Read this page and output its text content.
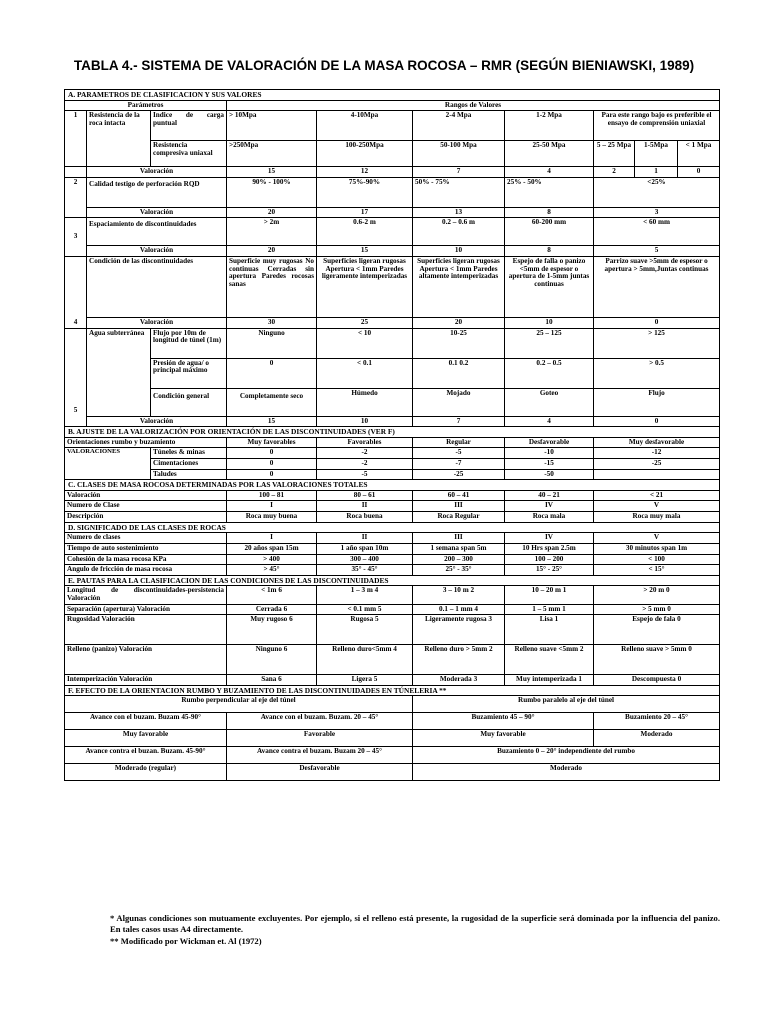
TABLA 4.- SISTEMA DE VALORACIÓN DE LA MASA ROCOSA – RMR (SEGÚN BIENIAWSKI, 1989)
A. PARAMETROS DE CLASIFICACION Y SUS VALORES									
Parámetros			Rangos de Valores						
1	Resistencia de la roca intacta	Indice de carga puntual	> 10Mpa	4-10Mpa	2-4 Mpa	1-2 Mpa	Para este rango bajo es preferible el ensayo de comprensión uniaxial		
		Resistencia compresiva uniaxal	>250Mpa	100-250Mpa	50-100 Mpa	25-50 Mpa	5 – 25 Mpa	1-5Mpa	< 1 Mpa
	Valoración		15	12	7	4	2	1	0
2	Calidad testigo de perforación RQD		90% - 100%	75%-90%	50% - 75%	25% - 50%	<25%		
	Valoración		20	17	13	8	3		
3	Espaciamiento de discontinuidades		> 2m	0.6-2 m	0.2 – 0.6 m	60-200 mm	< 60 mm		
	Valoración		20	15	10	8	5		
4	Condición de las discontinuidades		Superficie muy rugosas No continuas Cerradas sin apertura Paredes rocosas sanas	Superficies ligeran rugosas Apertura < 1mm Paredes ligeramente intemperizadas	Superficies ligeran rugosas Apertura < 1mm Paredes altamente intemperizadas	Espejo de falla o panizo <5mm de espesor o apertura de 1-5mm juntas continuas	Parrizo suave >5mm de espesor o apertura > 5mm,Juntas continuas		
	Valoración		30	25	20	10	0		
5	Agua subterránea	Flujo por 10m de longitud de túnel (1m)	Ninguno	< 10	10-25	25 – 125	> 125		
		Presión de agua/ o principal máximo	0	< 0.1	0.1 0.2	0.2 – 0.5	> 0.5		
		Condición general	Completamente seco	Húmedo	Mojado	Goteo	Flujo		
	Valoración		15	10	7	4	0		
B. AJUSTE DE LA VALORIZACIÓN POR ORIENTACIÓN DE LAS DISCONTINUIDADES (VER F)									
Orientaciones rumbo y buzamiento			Muy favorables	Favorables	Regular	Desfavorable	Muy desfavorable		
VALORACIONES		Túneles & minas	0	-2	-5	-10	-12		
		Cimentaciones	0	-2	-7	-15	-25		
		Taludes	0	-5	-25	-50			
C. CLASES DE MASA ROCOSA DETERMINADAS POR LAS VALORACIONES TOTALES									
Valoración			100 – 81	80 – 61	60 – 41	40 – 21	< 21		
Numero de Clase			I	II	III	IV	V		
Descripción			Roca muy buena	Roca buena	Roca Regular	Roca mala	Roca muy mala		
D. SIGNIFICADO DE LAS CLASES DE ROCAS									
Numero de clases			I	II	III	IV	V		
Tiempo de auto sostenimiento			20 años span 15m	1 año span 10m	1 semana span 5m	10 Hrs span 2.5m	30 minutos span 1m		
Cohesión de la masa rocosa KPa			> 400	300 – 400	200 – 300	100 – 200	< 100		
Angulo de fricción de masa rocosa			> 45°	35° - 45°	25° - 35°	15° - 25°	< 15°		
E. PAUTAS PARA LA CLASIFICACION DE LAS CONDICIONES DE LAS DISCONTINUIDADES									
Longitud de discontinuidades-persistencia Valoración			< 1m 6	1 – 3 m 4	3 – 10 m 2	10 – 20 m 1	> 20 m 0		
Separación (apertura) Valoración			Cerrada 6	< 0.1 mm 5	0.1 – 1 mm 4	1 – 5 mm 1	> 5 mm 0		
Rugosidad Valoración			Muy rugoso 6	Rugosa 5	Ligeramente rugosa 3	Lisa 1	Espejo de fala 0		
Relleno (panizo) Valoración			Ninguno 6	Relleno duro<5mm 4	Relleno duro > 5mm 2	Relleno suave <5mm 2	Relleno suave > 5mm 0		
Intemperización Valoración			Sana 6	Ligera 5	Moderada 3	Muy intemperizada 1	Descompuesta 0		
F. EFECTO DE LA ORIENTACION RUMBO Y BUZAMIENTO DE LAS DISCONTINUIDADES EN TÚNELERIA **									
Rumbo perpendicular al eje del túnel					Rumbo paralelo al eje del túnel				
Avance con el buzam. Buzam 45-90°			Avance con el buzam. Buzam. 20 – 45°		Buzamiento 45 – 90°		Buzamiento 20 – 45°		
Muy favorable			Favorable		Muy favorable		Moderado		
Avance contra el buzan. Buzam. 45-90°			Avance contra el buzam. Buzam 20 – 45°		Buzamiento 0 – 20° independiente del rumbo				
Moderado (regular)			Desfavorable		Moderado				
* Algunas condiciones son mutuamente excluyentes. Por ejemplo, si el relleno está presente, la rugosidad de la superficie será dominada por la influencia del panizo. En tales casos usas A4 directamente.
** Modificado por Wickman et. Al (1972)
